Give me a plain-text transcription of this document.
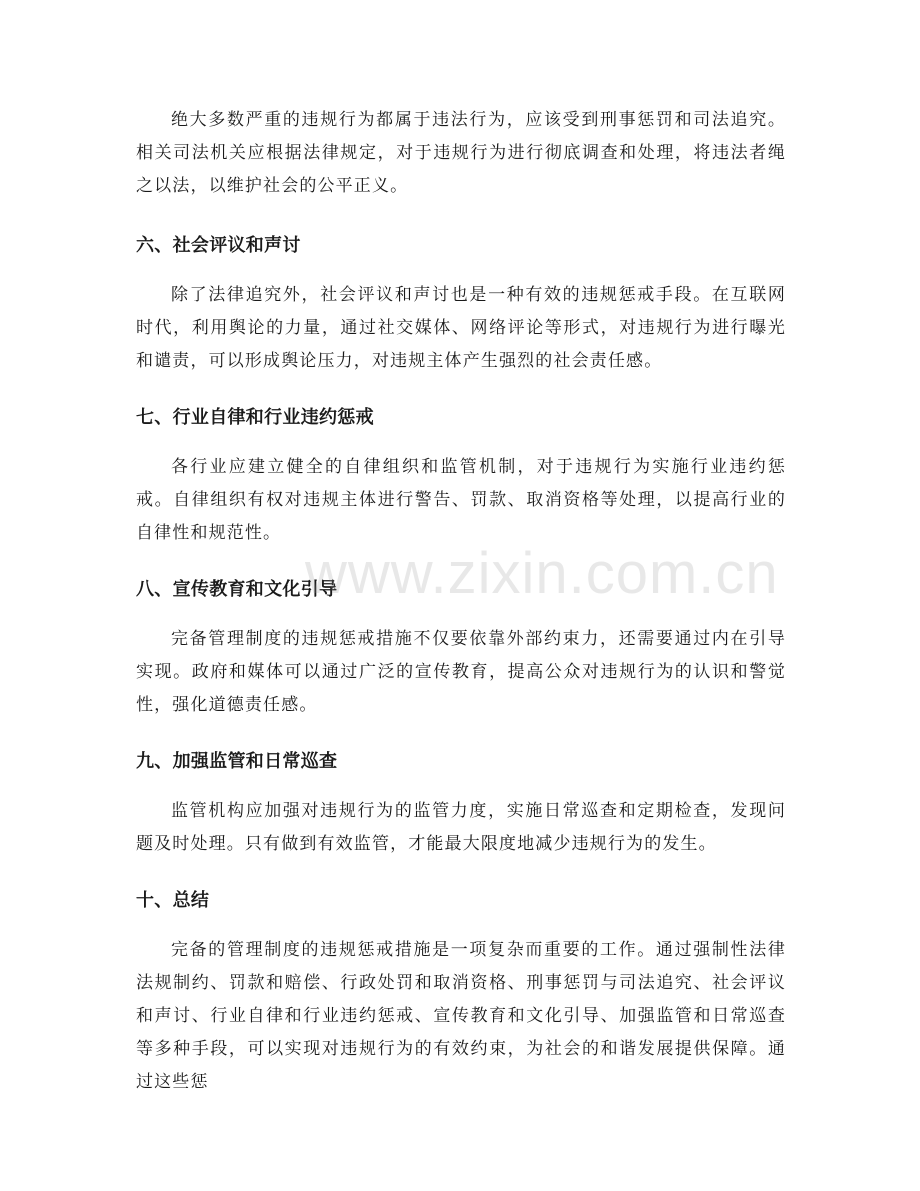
绝大多数严重的违规行为都属于违法行为，应该受到刑事惩罚和司法追究。相关司法机关应根据法律规定，对于违规行为进行彻底调查和处理，将违法者绳之以法，以维护社会的公平正义。

六、社会评议和声讨

除了法律追究外，社会评议和声讨也是一种有效的违规惩戒手段。在互联网时代，利用舆论的力量，通过社交媒体、网络评论等形式，对违规行为进行曝光和谴责，可以形成舆论压力，对违规主体产生强烈的社会责任感。

七、行业自律和行业违约惩戒

各行业应建立健全的自律组织和监管机制，对于违规行为实施行业违约惩戒。自律组织有权对违规主体进行警告、罚款、取消资格等处理，以提高行业的自律性和规范性。

八、宣传教育和文化引导

完备管理制度的违规惩戒措施不仅要依靠外部约束力，还需要通过内在引导实现。政府和媒体可以通过广泛的宣传教育，提高公众对违规行为的认识和警觉性，强化道德责任感。

九、加强监管和日常巡查

监管机构应加强对违规行为的监管力度，实施日常巡查和定期检查，发现问题及时处理。只有做到有效监管，才能最大限度地减少违规行为的发生。

十、总结

完备的管理制度的违规惩戒措施是一项复杂而重要的工作。通过强制性法律法规制约、罚款和赔偿、行政处罚和取消资格、刑事惩罚与司法追究、社会评议和声讨、行业自律和行业违约惩戒、宣传教育和文化引导、加强监管和日常巡查等多种手段，可以实现对违规行为的有效约束，为社会的和谐发展提供保障。通过这些惩

www.zixin.com.cn
